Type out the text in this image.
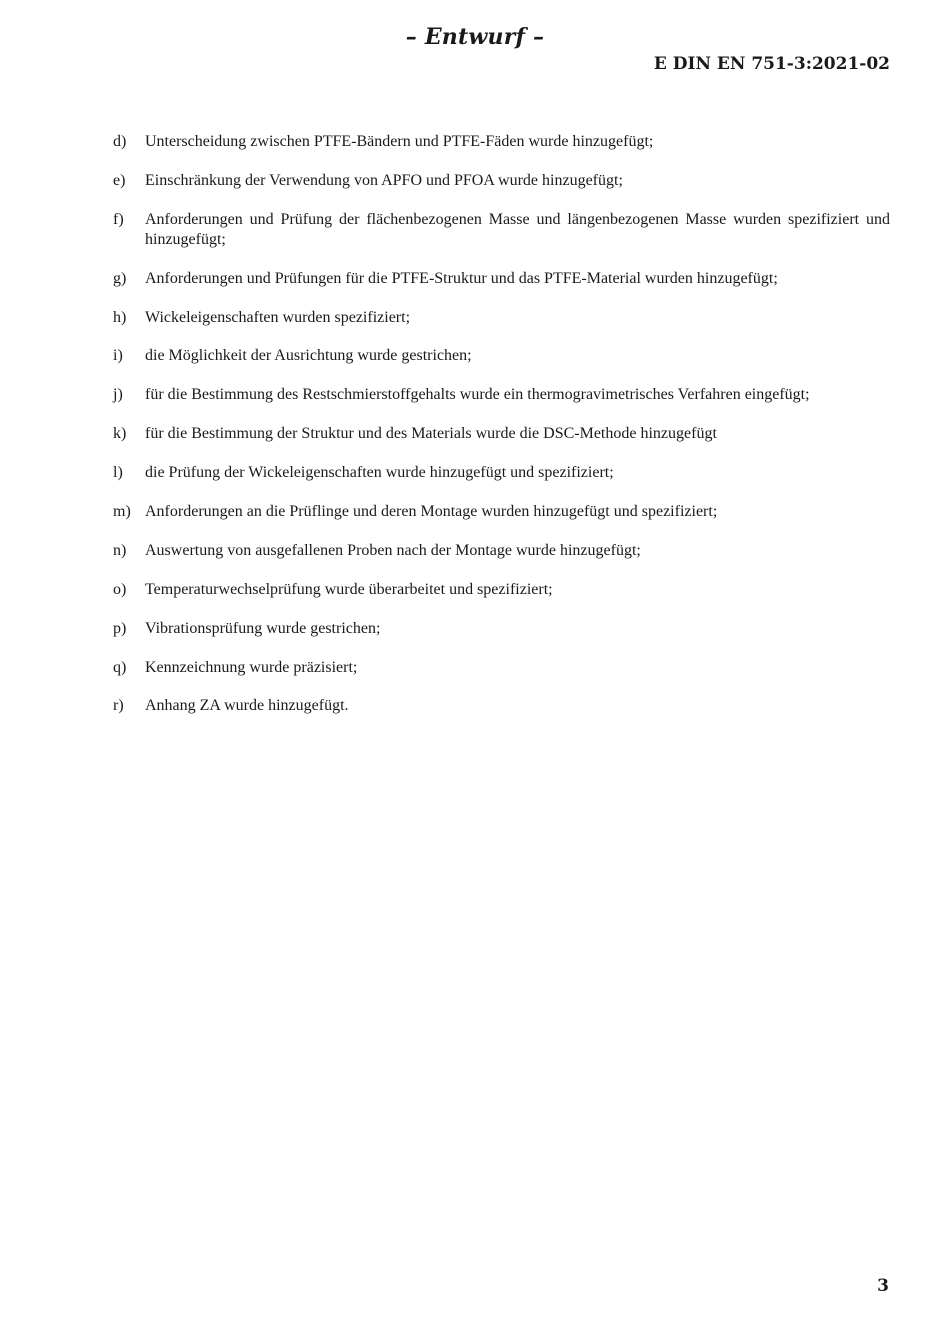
– Entwurf –
E DIN EN 751-3:2021-02
d)	Unterscheidung zwischen PTFE-Bändern und PTFE-Fäden wurde hinzugefügt;
e)	Einschränkung der Verwendung von APFO und PFOA wurde hinzugefügt;
f)	Anforderungen und Prüfung der flächenbezogenen Masse und längenbezogenen Masse wurden spezifiziert und hinzugefügt;
g)	Anforderungen und Prüfungen für die PTFE-Struktur und das PTFE-Material wurden hinzugefügt;
h)	Wickeleigenschaften wurden spezifiziert;
i)	die Möglichkeit der Ausrichtung wurde gestrichen;
j)	für die Bestimmung des Restschmierstoffgehalts wurde ein thermogravimetrisches Verfahren eingefügt;
k)	für die Bestimmung der Struktur und des Materials wurde die DSC-Methode hinzugefügt
l)	die Prüfung der Wickeleigenschaften wurde hinzugefügt und spezifiziert;
m) Anforderungen an die Prüflinge und deren Montage wurden hinzugefügt und spezifiziert;
n)	Auswertung von ausgefallenen Proben nach der Montage wurde hinzugefügt;
o)	Temperaturwechselprüfung wurde überarbeitet und spezifiziert;
p)	Vibrationsprüfung wurde gestrichen;
q)	Kennzeichnung wurde präzisiert;
r)	Anhang ZA wurde hinzugefügt.
3
